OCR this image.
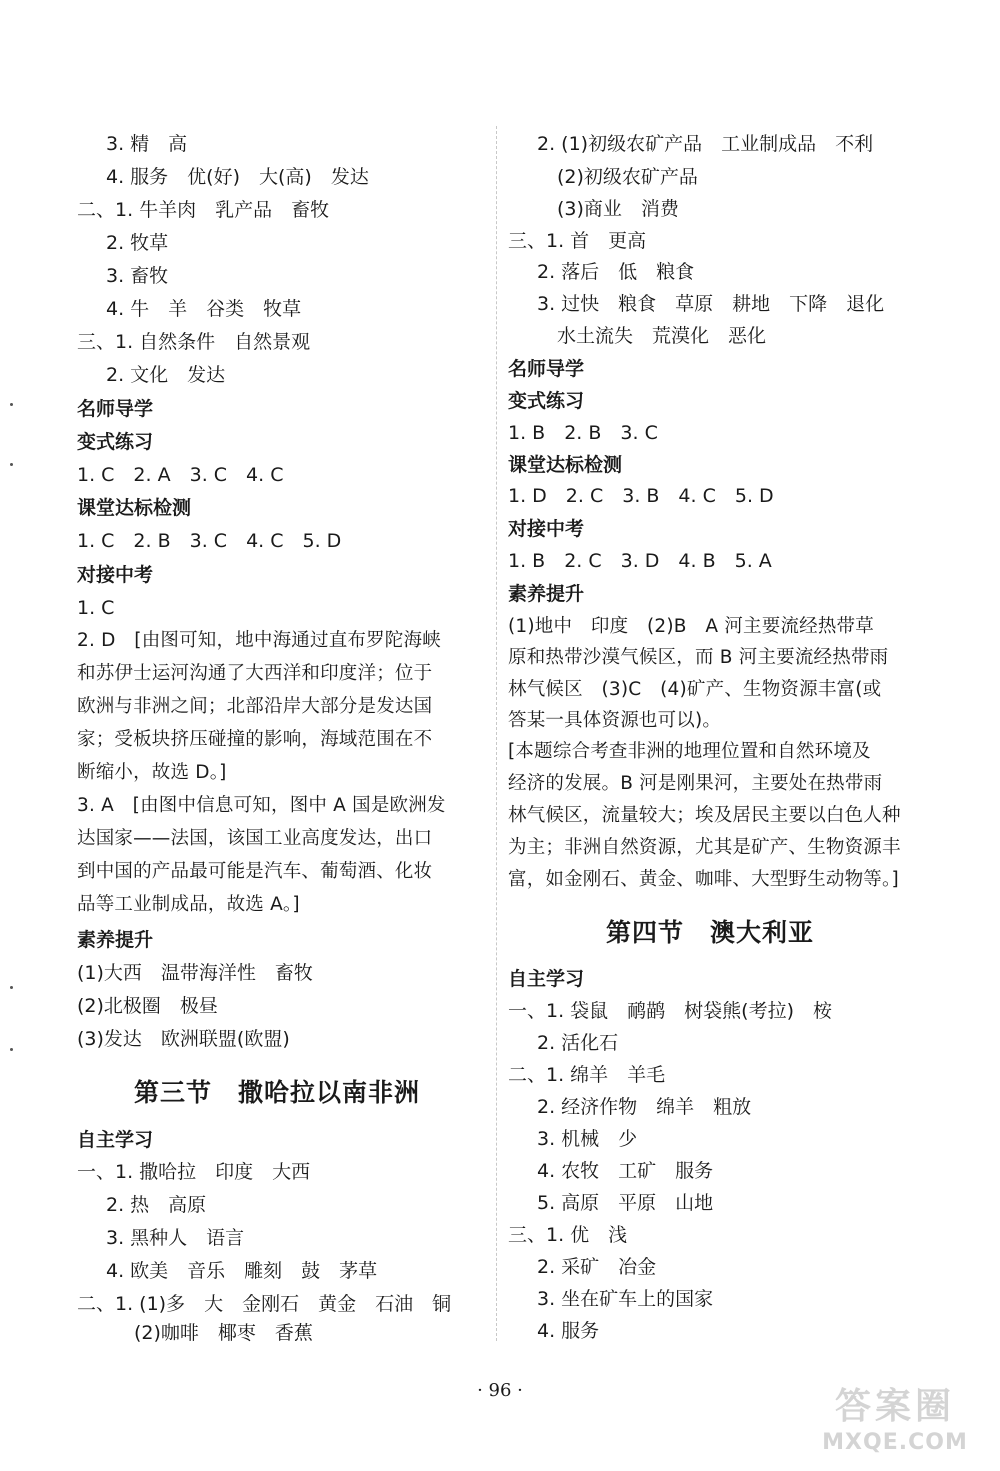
3. 精　高
4. 服务　优(好)　大(高)　发达
二、1. 牛羊肉　乳产品　畜牧
2. 牧草
3. 畜牧
4. 牛　羊　谷类　牧草
三、1. 自然条件　自然景观
2. 文化　发达
名师导学
变式练习
1. C　2. A　3. C　4. C
课堂达标检测
1. C　2. B　3. C　4. C　5. D
对接中考
1. C
2. D　[由图可知，地中海通过直布罗陀海峡
和苏伊士运河沟通了大西洋和印度洋；位于
欧洲与非洲之间；北部沿岸大部分是发达国
家；受板块挤压碰撞的影响，海域范围在不
断缩小，故选 D。]
3. A　[由图中信息可知，图中 A 国是欧洲发
达国家——法国，该国工业高度发达，出口
到中国的产品最可能是汽车、葡萄酒、化妆
品等工业制成品，故选 A。]
素养提升
(1)大西　温带海洋性　畜牧
(2)北极圈　极昼
(3)发达　欧洲联盟(欧盟)
第三节　撒哈拉以南非洲
自主学习
一、1. 撒哈拉　印度　大西
2. 热　高原
3. 黑种人　语言
4. 欧美　音乐　雕刻　鼓　茅草
二、1. (1)多　大　金刚石　黄金　石油　铜
(2)咖啡　椰枣　香蕉
2. (1)初级农矿产品　工业制成品　不利
(2)初级农矿产品
(3)商业　消费
三、1. 首　更高
2. 落后　低　粮食
3. 过快　粮食　草原　耕地　下降　退化
水土流失　荒漠化　恶化
名师导学
变式练习
1. B　2. B　3. C
课堂达标检测
1. D　2. C　3. B　4. C　5. D
对接中考
1. B　2. C　3. D　4. B　5. A
素养提升
(1)地中　印度　(2)B　A 河主要流经热带草
原和热带沙漠气候区，而 B 河主要流经热带雨
林气候区　(3)C　(4)矿产、生物资源丰富(或
答某一具体资源也可以)。
[本题综合考查非洲的地理位置和自然环境及
经济的发展。B 河是刚果河，主要处在热带雨
林气候区，流量较大；埃及居民主要以白色人种
为主；非洲自然资源，尤其是矿产、生物资源丰
富，如金刚石、黄金、咖啡、大型野生动物等。]
第四节　澳大利亚
自主学习
一、1. 袋鼠　鸸鹋　树袋熊(考拉)　桉
2. 活化石
二、1. 绵羊　羊毛
2. 经济作物　绵羊　粗放
3. 机械　少
4. 农牧　工矿　服务
5. 高原　平原　山地
三、1. 优　浅
2. 采矿　冶金
3. 坐在矿车上的国家
4. 服务
· 96 ·	答案圈
MXQE.COM
